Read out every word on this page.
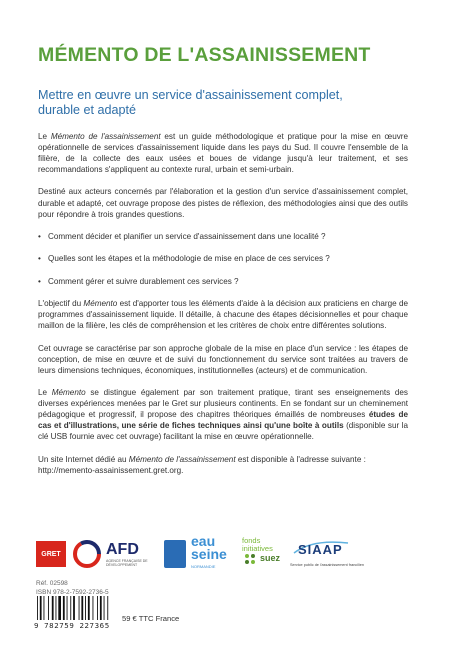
MÉMENTO DE L'ASSAINISSEMENT
Mettre en œuvre un service d'assainissement complet, durable et adapté

Le Mémento de l'assainissement est un guide méthodologique et pratique pour la mise en œuvre opérationnelle de services d'assainissement liquide dans les pays du Sud. Il couvre l'ensemble de la filière, de la collecte des eaux usées et boues de vidange jusqu'à leur traitement, et ses recommandations s'appliquent au contexte rural, urbain et semi-urbain.

Destiné aux acteurs concernés par l'élaboration et la gestion d'un service d'assainissement complet, durable et adapté, cet ouvrage propose des pistes de réflexion, des méthodologies ainsi que des outils pour répondre à trois grandes questions.

• Comment décider et planifier un service d'assainissement dans une localité ?
• Quelles sont les étapes et la méthodologie de mise en place de ces services ?
• Comment gérer et suivre durablement ces services ?

L'objectif du Mémento est d'apporter tous les éléments d'aide à la décision aux praticiens en charge de programmes d'assainissement liquide. Il détaille, à chacune des étapes décisionnelles et pour chaque maillon de la filière, les clés de compréhension et les critères de choix entre différentes solutions.

Cet ouvrage se caractérise par son approche globale de la mise en place d'un service : les étapes de conception, de mise en œuvre et de suivi du fonctionnement du service sont traitées au travers de leurs dimensions techniques, économiques, institutionnelles (acteurs) et de communication.

Le Mémento se distingue également par son traitement pratique, tirant ses enseignements des diverses expériences menées par le Gret sur plusieurs continents. En se fondant sur un cheminement pédagogique et progressif, il propose des chapitres théoriques émaillés de nombreuses études de cas et d'illustrations, une série de fiches techniques ainsi qu'une boîte à outils (disponible sur la clé USB fournie avec cet ouvrage) facilitant la mise en œuvre opérationnelle.

Un site Internet dédié au Mémento de l'assainissement est disponible à l'adresse suivante :
http://memento-assainissement.gret.org.

GRET	AFD
AGENCE FRANÇAISE DE DÉVELOPPEMENT
eau
seine
NORMANDIE
fonds
initiatives
suez
SIAAP
Service public de l'assainissement francilien
Réf. 02598
ISBN 978-2-7592-2736-5
9 782759 227365
59 € TTC France
